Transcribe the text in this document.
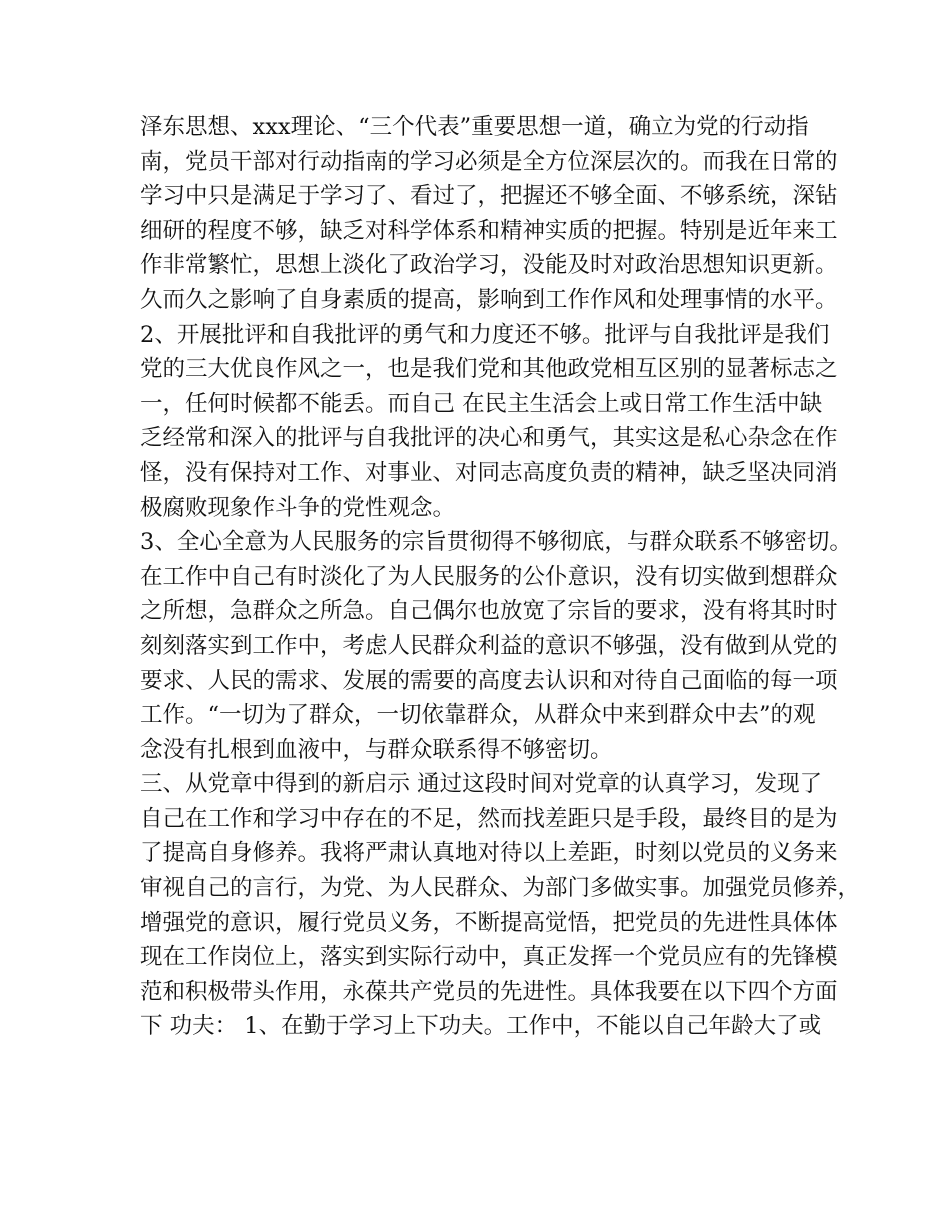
泽东思想、xxx理论、“三个代表”重要思想一道，确立为党的行动指
南，党员干部对行动指南的学习必须是全方位深层次的。而我在日常的
学习中只是满足于学习了、看过了，把握还不够全面、不够系统，深钻
细研的程度不够，缺乏对科学体系和精神实质的把握。特别是近年来工
作非常繁忙，思想上淡化了政治学习，没能及时对政治思想知识更新。
久而久之影响了自身素质的提高，影响到工作作风和处理事情的水平。
2、开展批评和自我批评的勇气和力度还不够。批评与自我批评是我们
党的三大优良作风之一，也是我们党和其他政党相互区别的显著标志之
一，任何时候都不能丢。而自己 在民主生活会上或日常工作生活中缺
乏经常和深入的批评与自我批评的决心和勇气，其实这是私心杂念在作
怪，没有保持对工作、对事业、对同志高度负责的精神，缺乏坚决同消
极腐败现象作斗争的党性观念。
3、全心全意为人民服务的宗旨贯彻得不够彻底，与群众联系不够密切。
在工作中自己有时淡化了为人民服务的公仆意识，没有切实做到想群众
之所想，急群众之所急。自己偶尔也放宽了宗旨的要求，没有将其时时
刻刻落实到工作中，考虑人民群众利益的意识不够强，没有做到从党的
要求、人民的需求、发展的需要的高度去认识和对待自己面临的每一项
工作。“一切为了群众，一切依靠群众，从群众中来到群众中去”的观
念没有扎根到血液中，与群众联系得不够密切。
三、从党章中得到的新启示 通过这段时间对党章的认真学习，发现了
自己在工作和学习中存在的不足，然而找差距只是手段，最终目的是为
了提高自身修养。我将严肃认真地对待以上差距，时刻以党员的义务来
审视自己的言行，为党、为人民群众、为部门多做实事。加强党员修养，
增强党的意识，履行党员义务，不断提高觉悟，把党员的先进性具体体
现在工作岗位上，落实到实际行动中，真正发挥一个党员应有的先锋模
范和积极带头作用，永葆共产党员的先进性。具体我要在以下四个方面
下 功夫： 1、在勤于学习上下功夫。工作中，不能以自己年龄大了或
